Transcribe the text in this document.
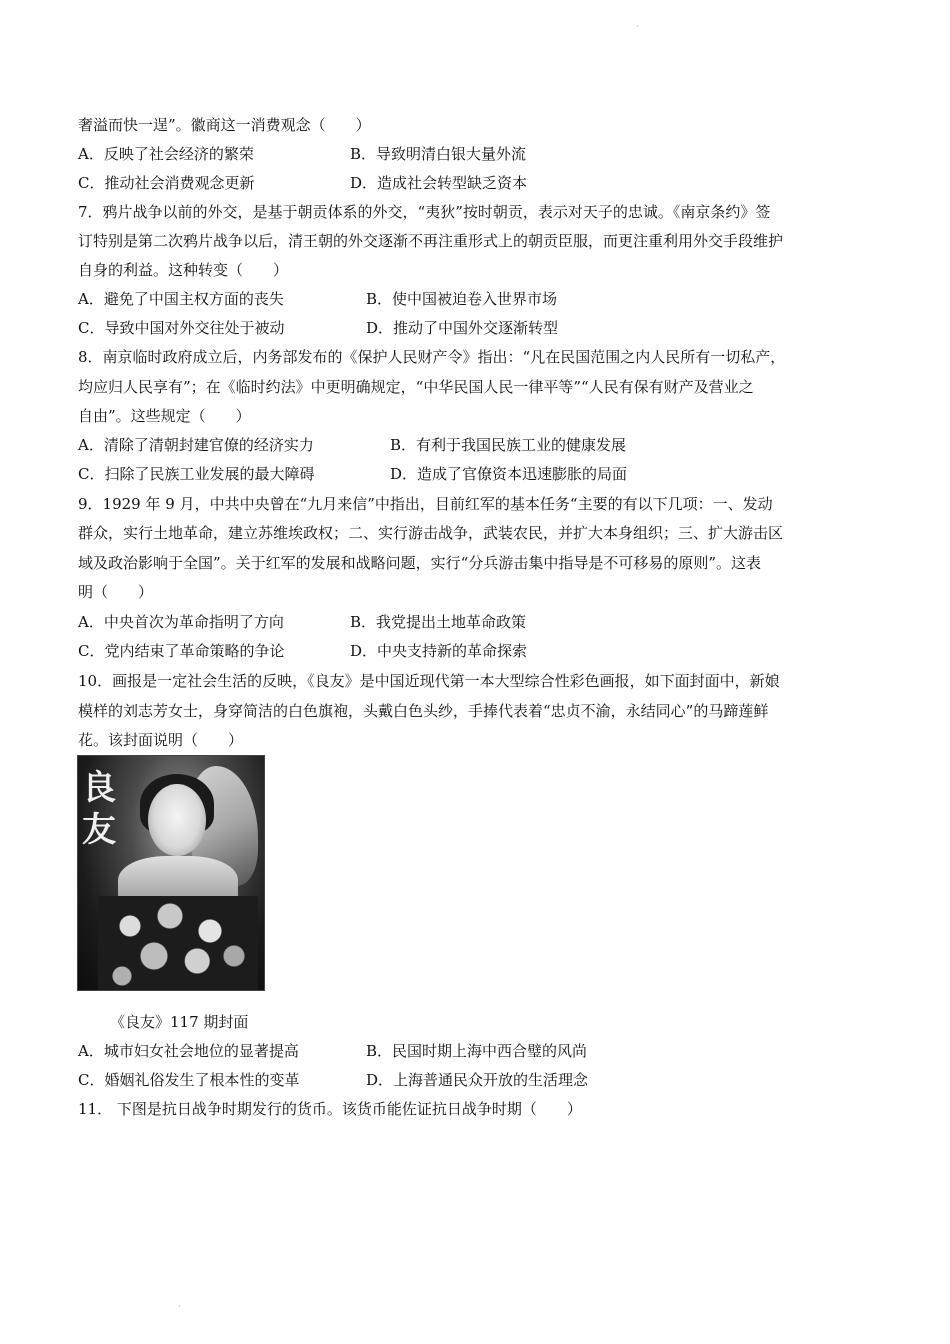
·
奢溢而快一逞”。徽商这一消费观念（　　）
A．反映了社会经济的繁荣	B．导致明清白银大量外流
C．推动社会消费观念更新	D．造成社会转型缺乏资本
7．鸦片战争以前的外交，是基于朝贡体系的外交，“夷狄”按时朝贡，表示对天子的忠诚。《南京条约》签
订特别是第二次鸦片战争以后，清王朝的外交逐渐不再注重形式上的朝贡臣服，而更注重利用外交手段维护
自身的利益。这种转变（　　）
A．避免了中国主权方面的丧失	B．使中国被迫卷入世界市场
C．导致中国对外交往处于被动	D．推动了中国外交逐渐转型
8．南京临时政府成立后，内务部发布的《保护人民财产令》指出：“凡在民国范围之内人民所有一切私产，
均应归人民享有”；在《临时约法》中更明确规定，“中华民国人民一律平等”“人民有保有财产及营业之
自由”。这些规定（　　）
A．清除了清朝封建官僚的经济实力	B．有利于我国民族工业的健康发展
C．扫除了民族工业发展的最大障碍	D．造成了官僚资本迅速膨胀的局面
9．1929 年 9 月，中共中央曾在“九月来信”中指出，目前红军的基本任务“主要的有以下几项：一、发动
群众，实行土地革命，建立苏维埃政权；二、实行游击战争，武装农民，并扩大本身组织；三、扩大游击区
域及政治影响于全国”。关于红军的发展和战略问题，实行“分兵游击集中指导是不可移易的原则”。这表
明（　　）
A．中央首次为革命指明了方向	B．我党提出土地革命政策
C．党内结束了革命策略的争论	D．中央支持新的革命探索
10．画报是一定社会生活的反映，《良友》是中国近现代第一本大型综合性彩色画报，如下面封面中，新娘
模样的刘志芳女士，身穿简洁的白色旗袍，头戴白色头纱，手捧代表着“忠贞不渝，永结同心”的马蹄莲鲜
花。该封面说明（　　）
良
友
《良友》117 期封面
A．城市妇女社会地位的显著提高	B．民国时期上海中西合璧的风尚
C．婚姻礼俗发生了根本性的变革	D．上海普通民众开放的生活理念
11． 下图是抗日战争时期发行的货币。该货币能佐证抗日战争时期（　　）
·
